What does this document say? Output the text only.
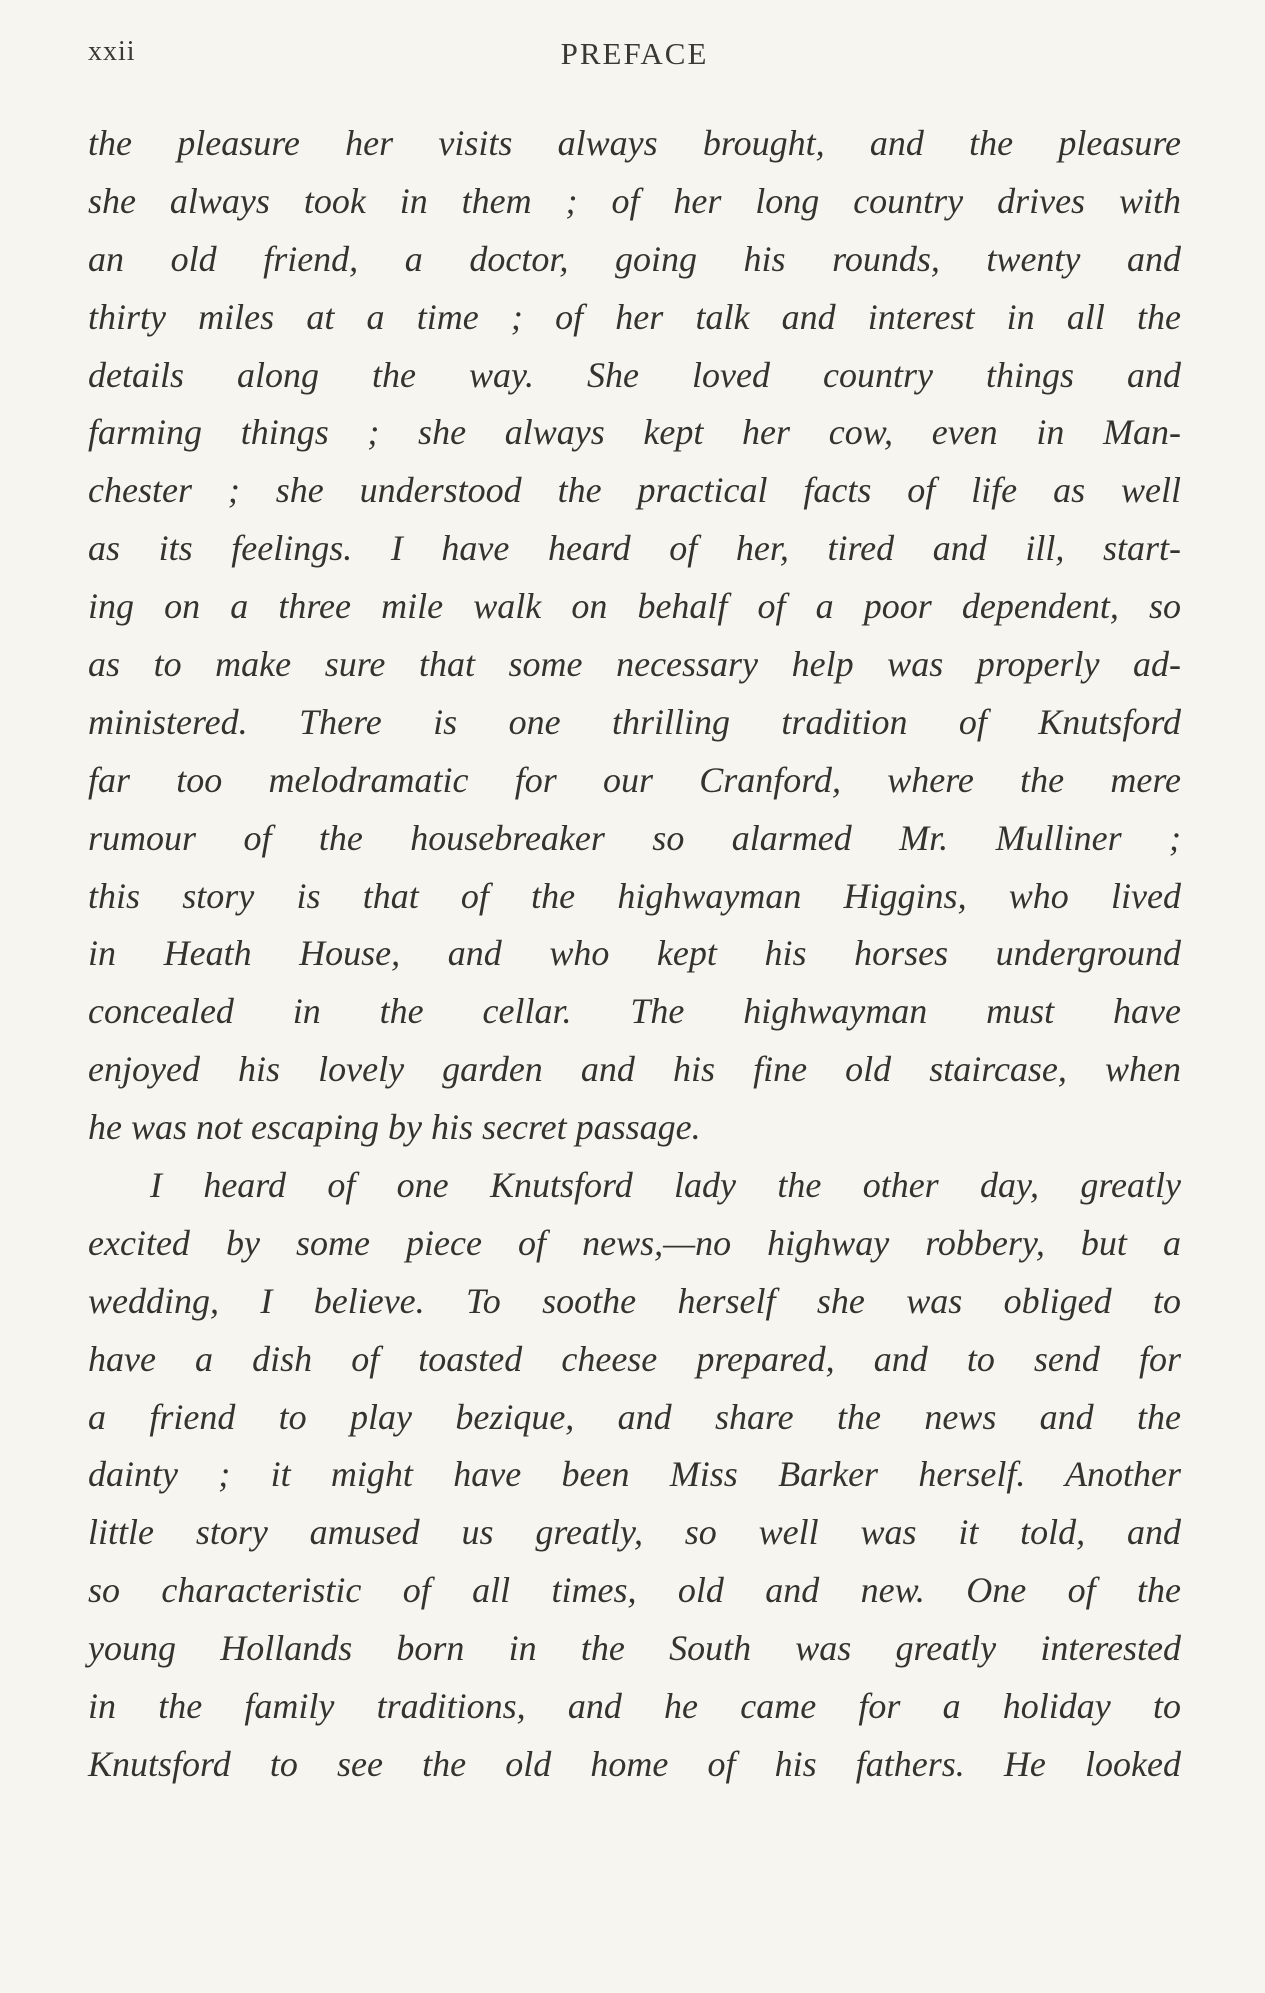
xxii	PREFACE
the pleasure her visits always brought, and the pleasure
she always took in them ; of her long country drives with
an old friend, a doctor, going his rounds, twenty and
thirty miles at a time ; of her talk and interest in all the
details along the way. She loved country things and
farming things ; she always kept her cow, even in Man-
chester ; she understood the practical facts of life as well
as its feelings. I have heard of her, tired and ill, start-
ing on a three mile walk on behalf of a poor dependent, so
as to make sure that some necessary help was properly ad-
ministered. There is one thrilling tradition of Knutsford
far too melodramatic for our Cranford, where the mere
rumour of the housebreaker so alarmed Mr. Mulliner ;
this story is that of the highwayman Higgins, who lived
in Heath House, and who kept his horses underground
concealed in the cellar. The highwayman must have
enjoyed his lovely garden and his fine old staircase, when
he was not escaping by his secret passage.
I heard of one Knutsford lady the other day, greatly
excited by some piece of news,—no highway robbery, but a
wedding, I believe. To soothe herself she was obliged to
have a dish of toasted cheese prepared, and to send for
a friend to play bezique, and share the news and the
dainty ; it might have been Miss Barker herself. Another
little story amused us greatly, so well was it told, and
so characteristic of all times, old and new. One of the
young Hollands born in the South was greatly interested
in the family traditions, and he came for a holiday to
Knutsford to see the old home of his fathers. He looked
